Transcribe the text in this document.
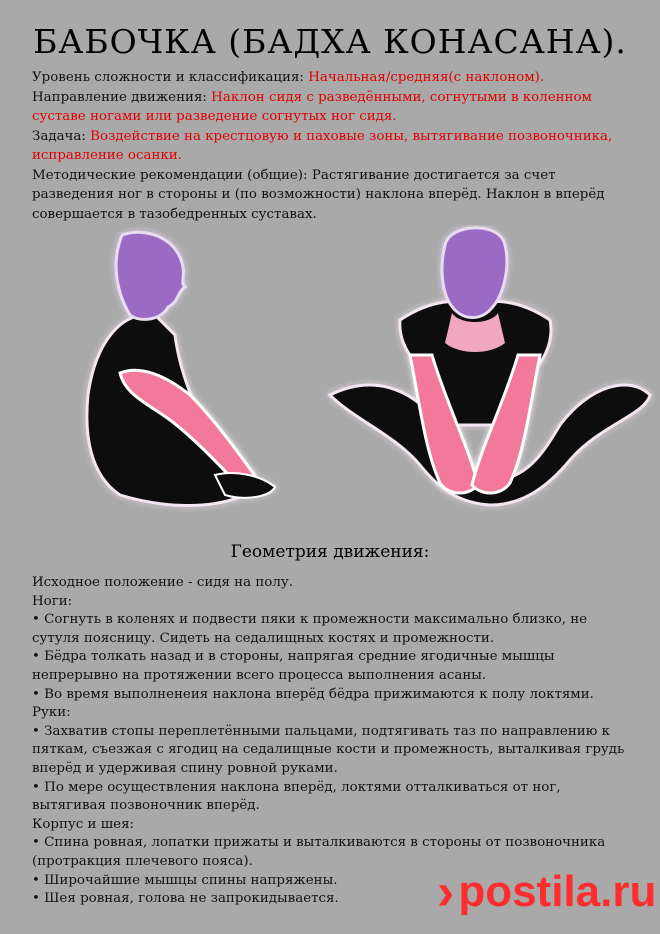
БАБОЧКА (БАДХА КОНАСАНА).
Уровень сложности и классификация: Начальная/средняя(с наклоном).
Направление движения: Наклон сидя с разведёнными, согнутыми в коленном суставе ногами или разведение согнутых ног сидя.
Задача: Воздействие на крестцовую и паховые зоны, вытягивание позвоночника, исправление осанки.
Методические рекомендации (общие): Растягивание достигается за счет разведения ног в стороны и (по возможности) наклона вперёд. Наклон в вперёд совершается в тазобедренных суставах.
Геометрия движения:

Исходное положение - сидя на полу.

Ноги:

• Согнуть в коленях и подвести пяки к промежности максимально близко, не сутуля поясницу. Сидеть на седалищных костях и промежности.

• Бёдра толкать назад и в стороны, напрягая средние ягодичные мышцы непрерывно на протяжении всего процесса выполнения асаны.

• Во время выполненеия наклона вперёд бёдра прижимаются к полу локтями.

Руки:

• Захватив стопы переплетёнными пальцами, подтягивать таз по направлению к пяткам, съезжая с ягодиц на седалищные кости и промежность, выталкивая грудь вперёд и удерживая спину ровной руками.

• По мере осуществления наклона вперёд, локтями отталкиваться от ног, вытягивая позвоночник вперёд.

Корпус и шея:

• Спина ровная, лопатки прижаты и выталкиваются в стороны от позвоночника (протракция плечевого пояса).

• Широчайшие мышцы спины напряжены.

• Шея ровная, голова не запрокидывается.	› postila.ru
